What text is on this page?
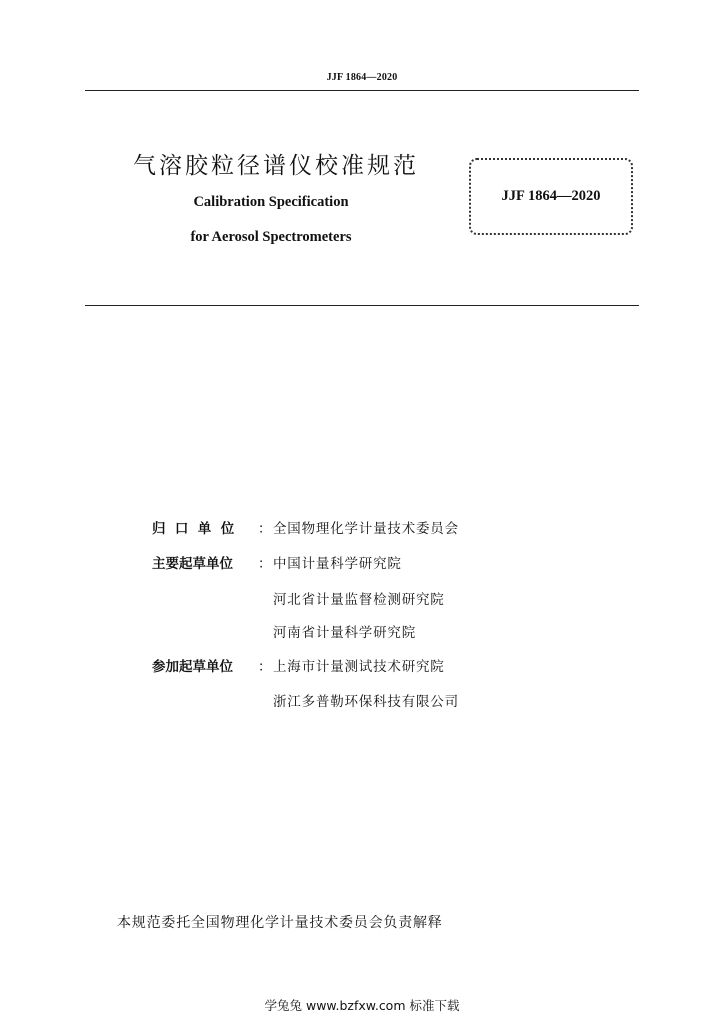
JJF 1864—2020
气溶胶粒径谱仪校准规范
Calibration Specification
for Aerosol Spectrometers
JJF 1864—2020
归  口  单  位	： 全国物理化学计量技术委员会
主要起草单位	： 中国计量科学研究院
河北省计量监督检测研究院
河南省计量科学研究院
参加起草单位	： 上海市计量测试技术研究院
浙江多普勒环保科技有限公司
本规范委托全国物理化学计量技术委员会负责解释
学兔兔 www.bzfxw.com 标准下载
